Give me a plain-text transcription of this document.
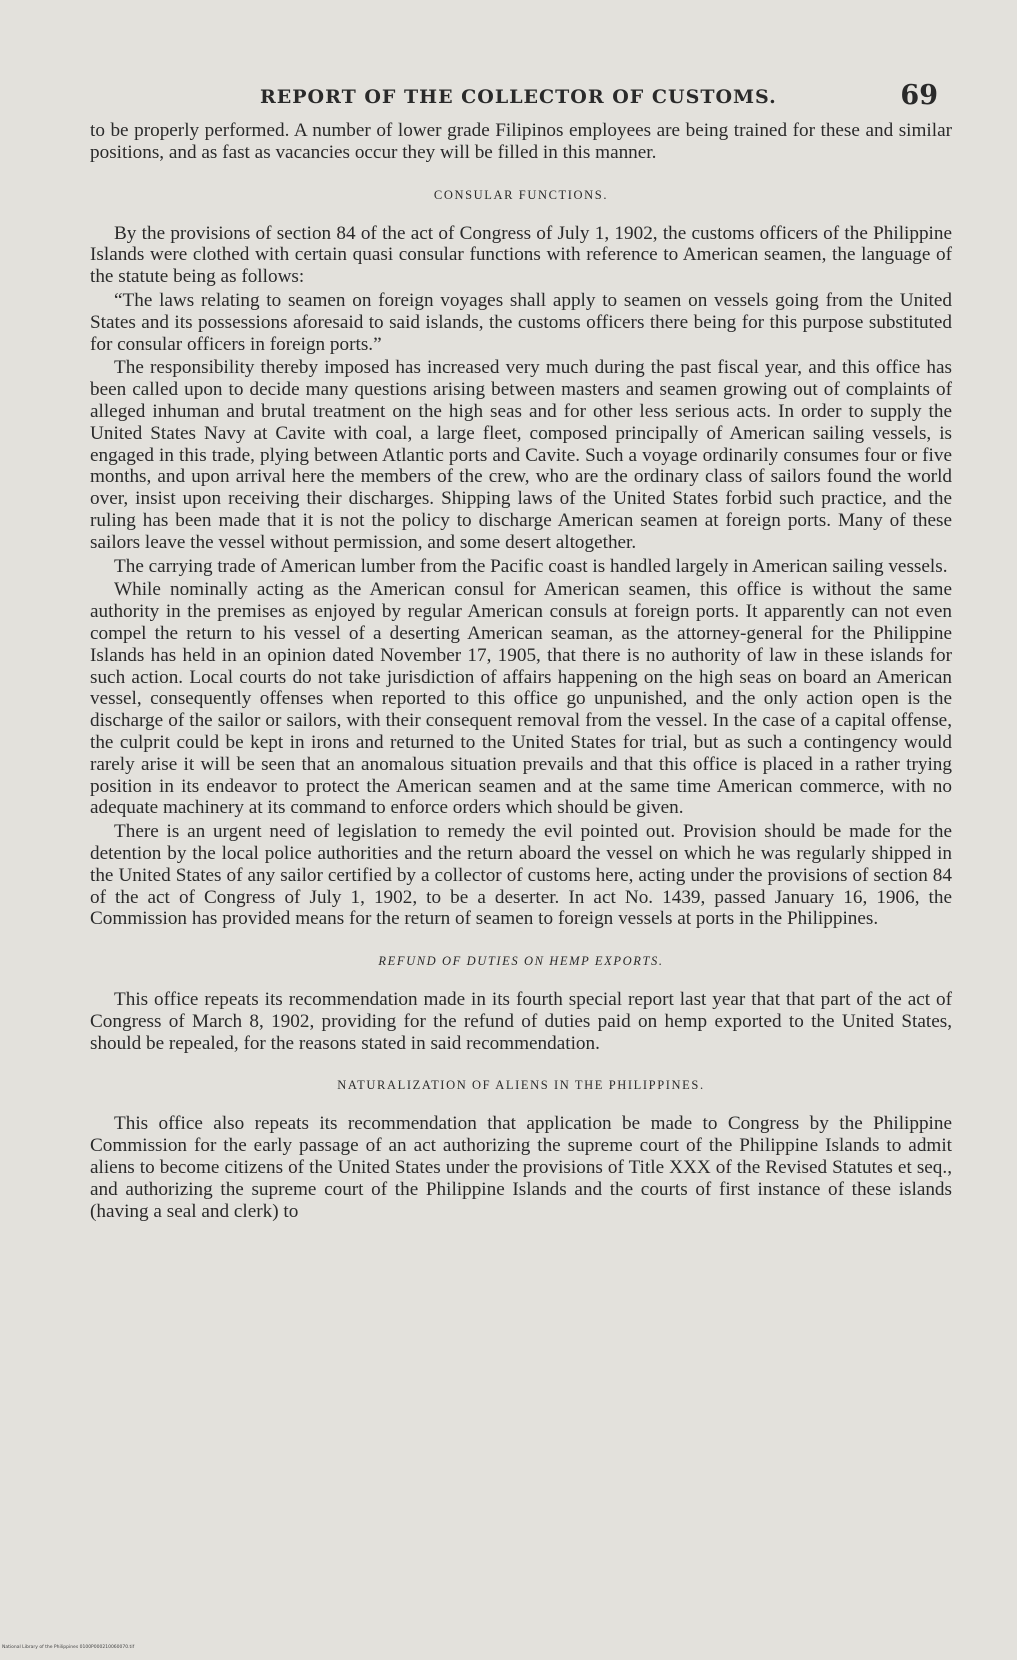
REPORT OF THE COLLECTOR OF CUSTOMS.	69

to be properly performed. A number of lower grade Filipinos employees are being trained for these and similar positions, and as fast as vacancies occur they will be filled in this manner.

CONSULAR FUNCTIONS.

By the provisions of section 84 of the act of Congress of July 1, 1902, the customs officers of the Philippine Islands were clothed with certain quasi consular functions with reference to American seamen, the language of the statute being as follows:

“The laws relating to seamen on foreign voyages shall apply to seamen on vessels going from the United States and its possessions aforesaid to said islands, the customs officers there being for this purpose substituted for consular officers in foreign ports.”

The responsibility thereby imposed has increased very much during the past fiscal year, and this office has been called upon to decide many questions arising between masters and seamen growing out of complaints of alleged inhuman and brutal treatment on the high seas and for other less serious acts. In order to supply the United States Navy at Cavite with coal, a large fleet, composed principally of American sailing vessels, is engaged in this trade, plying between Atlantic ports and Cavite. Such a voyage ordinarily consumes four or five months, and upon arrival here the members of the crew, who are the ordinary class of sailors found the world over, insist upon receiving their discharges. Shipping laws of the United States forbid such practice, and the ruling has been made that it is not the policy to discharge American seamen at foreign ports. Many of these sailors leave the vessel without permission, and some desert altogether.

The carrying trade of American lumber from the Pacific coast is handled largely in American sailing vessels.

While nominally acting as the American consul for American seamen, this office is without the same authority in the premises as enjoyed by regular American consuls at foreign ports. It apparently can not even compel the return to his vessel of a deserting American seaman, as the attorney-general for the Philippine Islands has held in an opinion dated November 17, 1905, that there is no authority of law in these islands for such action. Local courts do not take jurisdiction of affairs happening on the high seas on board an American vessel, consequently offenses when reported to this office go unpunished, and the only action open is the discharge of the sailor or sailors, with their consequent removal from the vessel. In the case of a capital offense, the culprit could be kept in irons and returned to the United States for trial, but as such a contingency would rarely arise it will be seen that an anomalous situation prevails and that this office is placed in a rather trying position in its endeavor to protect the American seamen and at the same time American commerce, with no adequate machinery at its command to enforce orders which should be given.

There is an urgent need of legislation to remedy the evil pointed out. Provision should be made for the detention by the local police authorities and the return aboard the vessel on which he was regularly shipped in the United States of any sailor certified by a collector of customs here, acting under the provisions of section 84 of the act of Congress of July 1, 1902, to be a deserter. In act No. 1439, passed January 16, 1906, the Commission has provided means for the return of seamen to foreign vessels at ports in the Philippines.

REFUND OF DUTIES ON HEMP EXPORTS.

This office repeats its recommendation made in its fourth special report last year that that part of the act of Congress of March 8, 1902, providing for the refund of duties paid on hemp exported to the United States, should be repealed, for the reasons stated in said recommendation.

NATURALIZATION OF ALIENS IN THE PHILIPPINES.

This office also repeats its recommendation that application be made to Congress by the Philippine Commission for the early passage of an act authorizing the supreme court of the Philippine Islands to admit aliens to become citizens of the United States under the provisions of Title XXX of the Revised Statutes et seq., and authorizing the supreme court of the Philippine Islands and the courts of first instance of these islands (having a seal and clerk) to

National Library of the Philippines 0100P000210060070.tif
